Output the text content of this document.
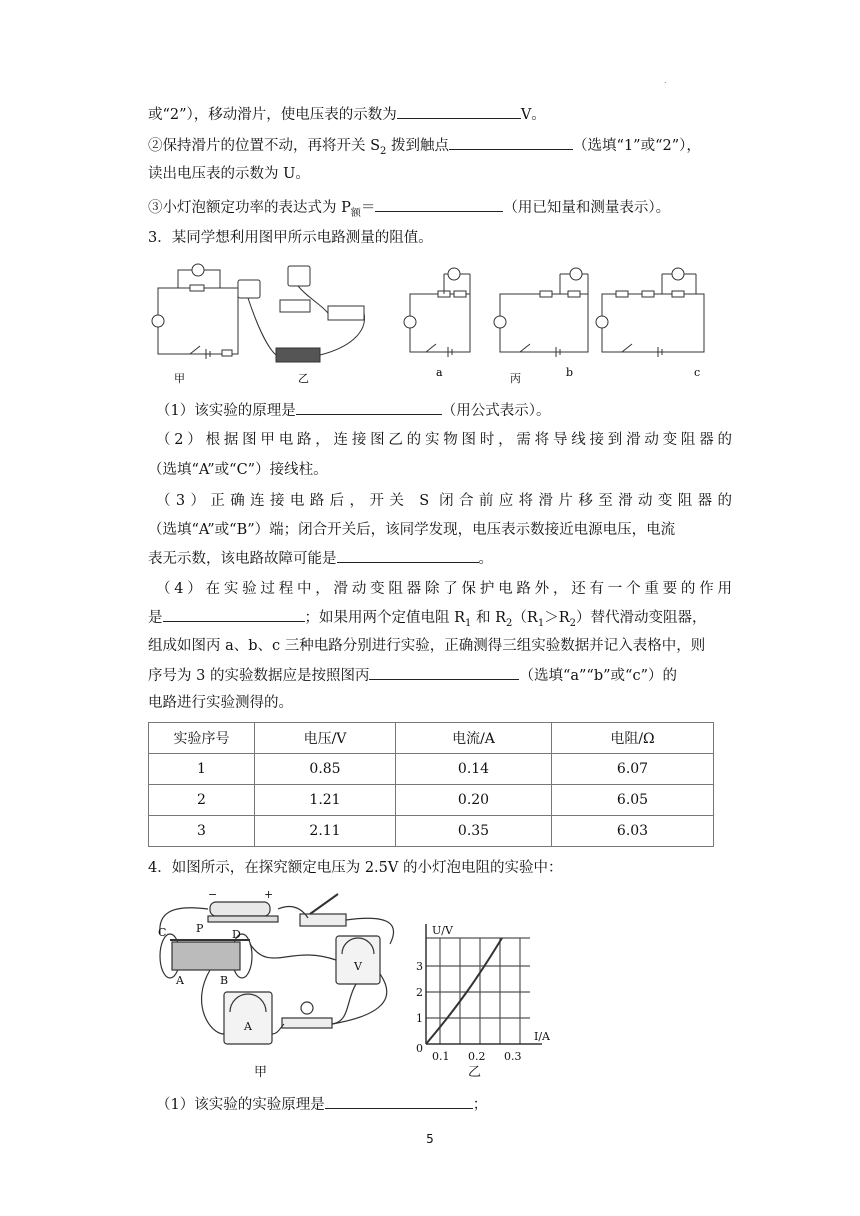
.
或“2”），移动滑片，使电压表的示数为	V。
②保持滑片的位置不动，再将开关 $S_2$ 拨到触点	（选填“1”或“2”），
读出电压表的示数为 U。
③小灯泡额定功率的表达式为 $P_额=$	（用已知量和测量表示）。
3．某同学想利用图甲所示电路测量的阻值。
甲	乙	a	丙	b	c
（1）该实验的原理是	（用公式表示）。
（2）根据图甲电路，连接图乙的实物图时，需将导线接到滑动变阻器的
（选填“A”或“C”）接线柱。
（3）正确连接电路后，开关 S 闭合前应将滑片移至滑动变阻器的
（选填“A”或“B”）端；闭合开关后，该同学发现，电压表示数接近电源电压，电流
表无示数，该电路故障可能是	。
（4）在实验过程中，滑动变阻器除了保护电路外，还有一个重要的作用
是	；如果用两个定值电阻 $R_1$ 和 $R_2(R_1>R_2)$替代滑动变阻器，
组成如图丙 a、b、c 三种电路分别进行实验，正确测得三组实验数据并记入表格中，则
序号为 3 的实验数据应是按照图丙	（选填“a”“b”或“c”）的
电路进行实验测得的。
实验序号	电压/V	电流/A	电阻/Ω
1	0.85	0.14	6.07
2	1.21	0.20	6.05
3	2.11	0.35	6.03
4．如图所示，在探究额定电压为 2.5V 的小灯泡电阻的实验中：
C	P	D
A	B
−	+
V
A
甲	乙
U/V
I/A
0
1
2
3
0.1 0.2 0.3
（1）该实验的实验原理是	；
5
